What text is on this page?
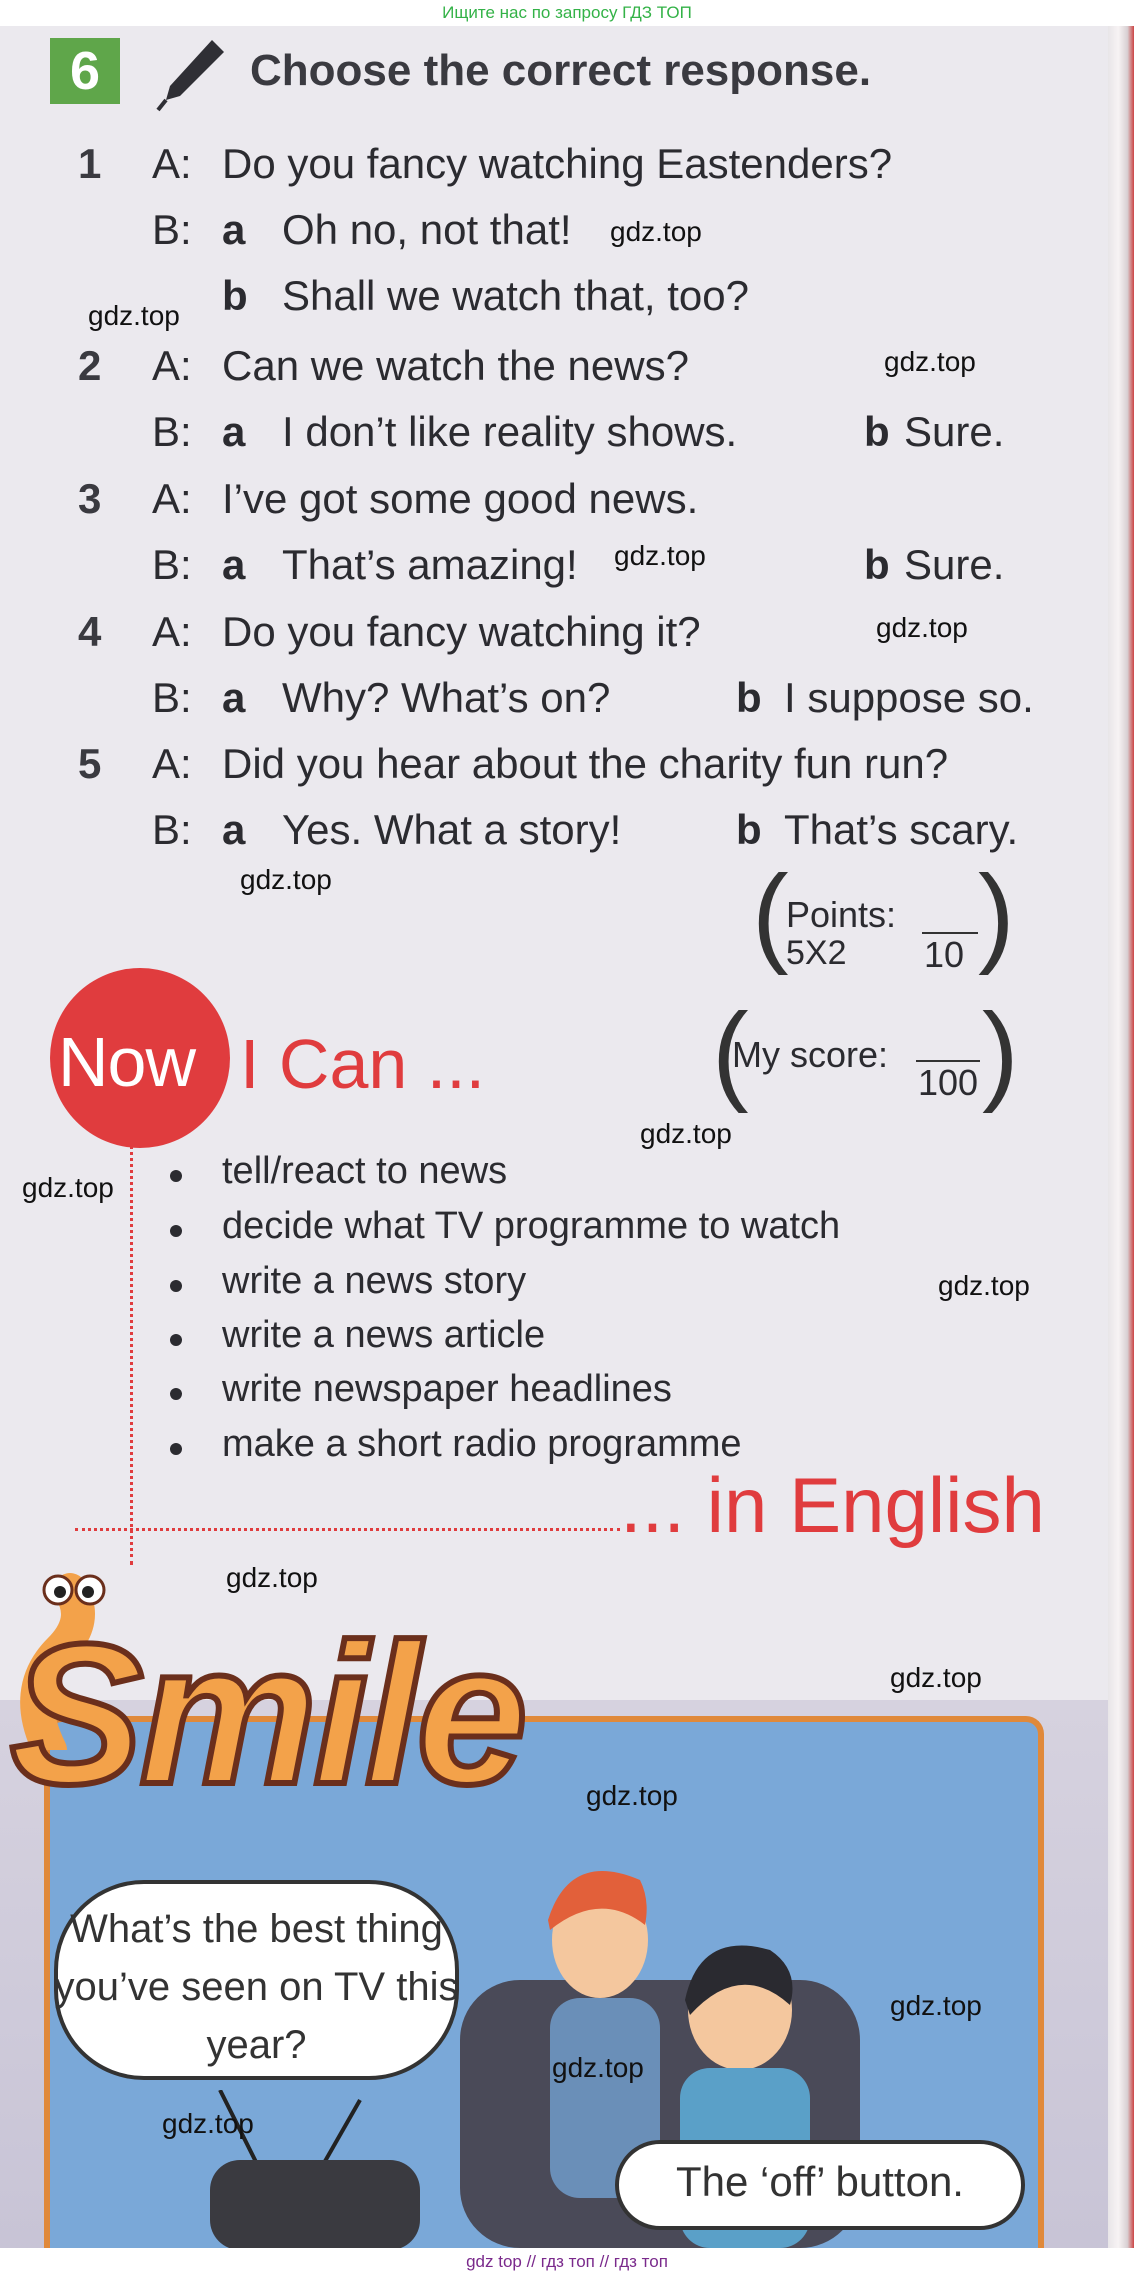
Ищите нас по запросу ГДЗ ТОП
6	Choose the correct response.
1 A: Do you fancy watching Eastenders?
B: a Oh no, not that!
b Shall we watch that, too?
2 A: Can we watch the news?
B: a I don’t like reality shows.	b Sure.
3 A: I’ve got some good news.
B: a That’s amazing!	b Sure.
4 A: Do you fancy watching it?
B: a Why? What’s on?	b I suppose so.
5 A: Did you hear about the charity fun run?
B: a Yes. What a story!	b That’s scary.
(
Points:
5X2 10 )
Now I Can ... (
My score:
100 )
tell/react to news
decide what TV programme to watch
write a news story
write a news article
write newspaper headlines
make a short radio programme
... in English
Smile
What’s the best thing you’ve seen on TV this year?
The ‘off’ button.
gdz.top
gdz.top
gdz.top
gdz.top
gdz.top
gdz.top
gdz.top
gdz.top
gdz.top
gdz.top
gdz.top
gdz.top
gdz.top
gdz.top
gdz.top
gdz top // гдз топ // гдз топ
